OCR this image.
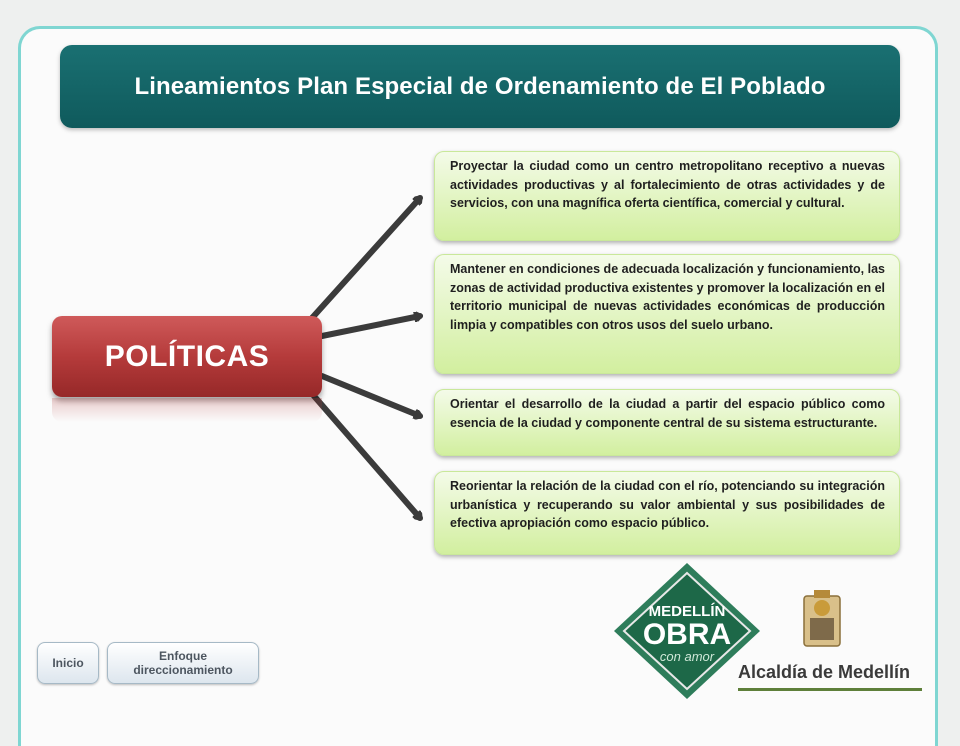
Lineamientos Plan Especial de Ordenamiento de El Poblado
POLÍTICAS
Proyectar la ciudad como un centro metropolitano receptivo a nuevas actividades productivas y al fortalecimiento de otras actividades y de servicios, con una magnífica oferta científica, comercial y cultural.
Mantener en condiciones de adecuada localización y funcionamiento, las zonas de actividad productiva existentes y promover la localización en el territorio municipal de nuevas actividades económicas de producción limpia y compatibles con otros usos del suelo urbano.
Orientar el desarrollo de la ciudad a partir del espacio público como esencia de la ciudad y componente central de su sistema estructurante.
Reorientar la relación de la ciudad con el río, potenciando su integración urbanística y recuperando su valor ambiental y sus posibilidades de efectiva apropiación como espacio público.
Inicio	Enfoque direccionamiento
MEDELLÍN
OBRA
con amor
Alcaldía de Medellín
